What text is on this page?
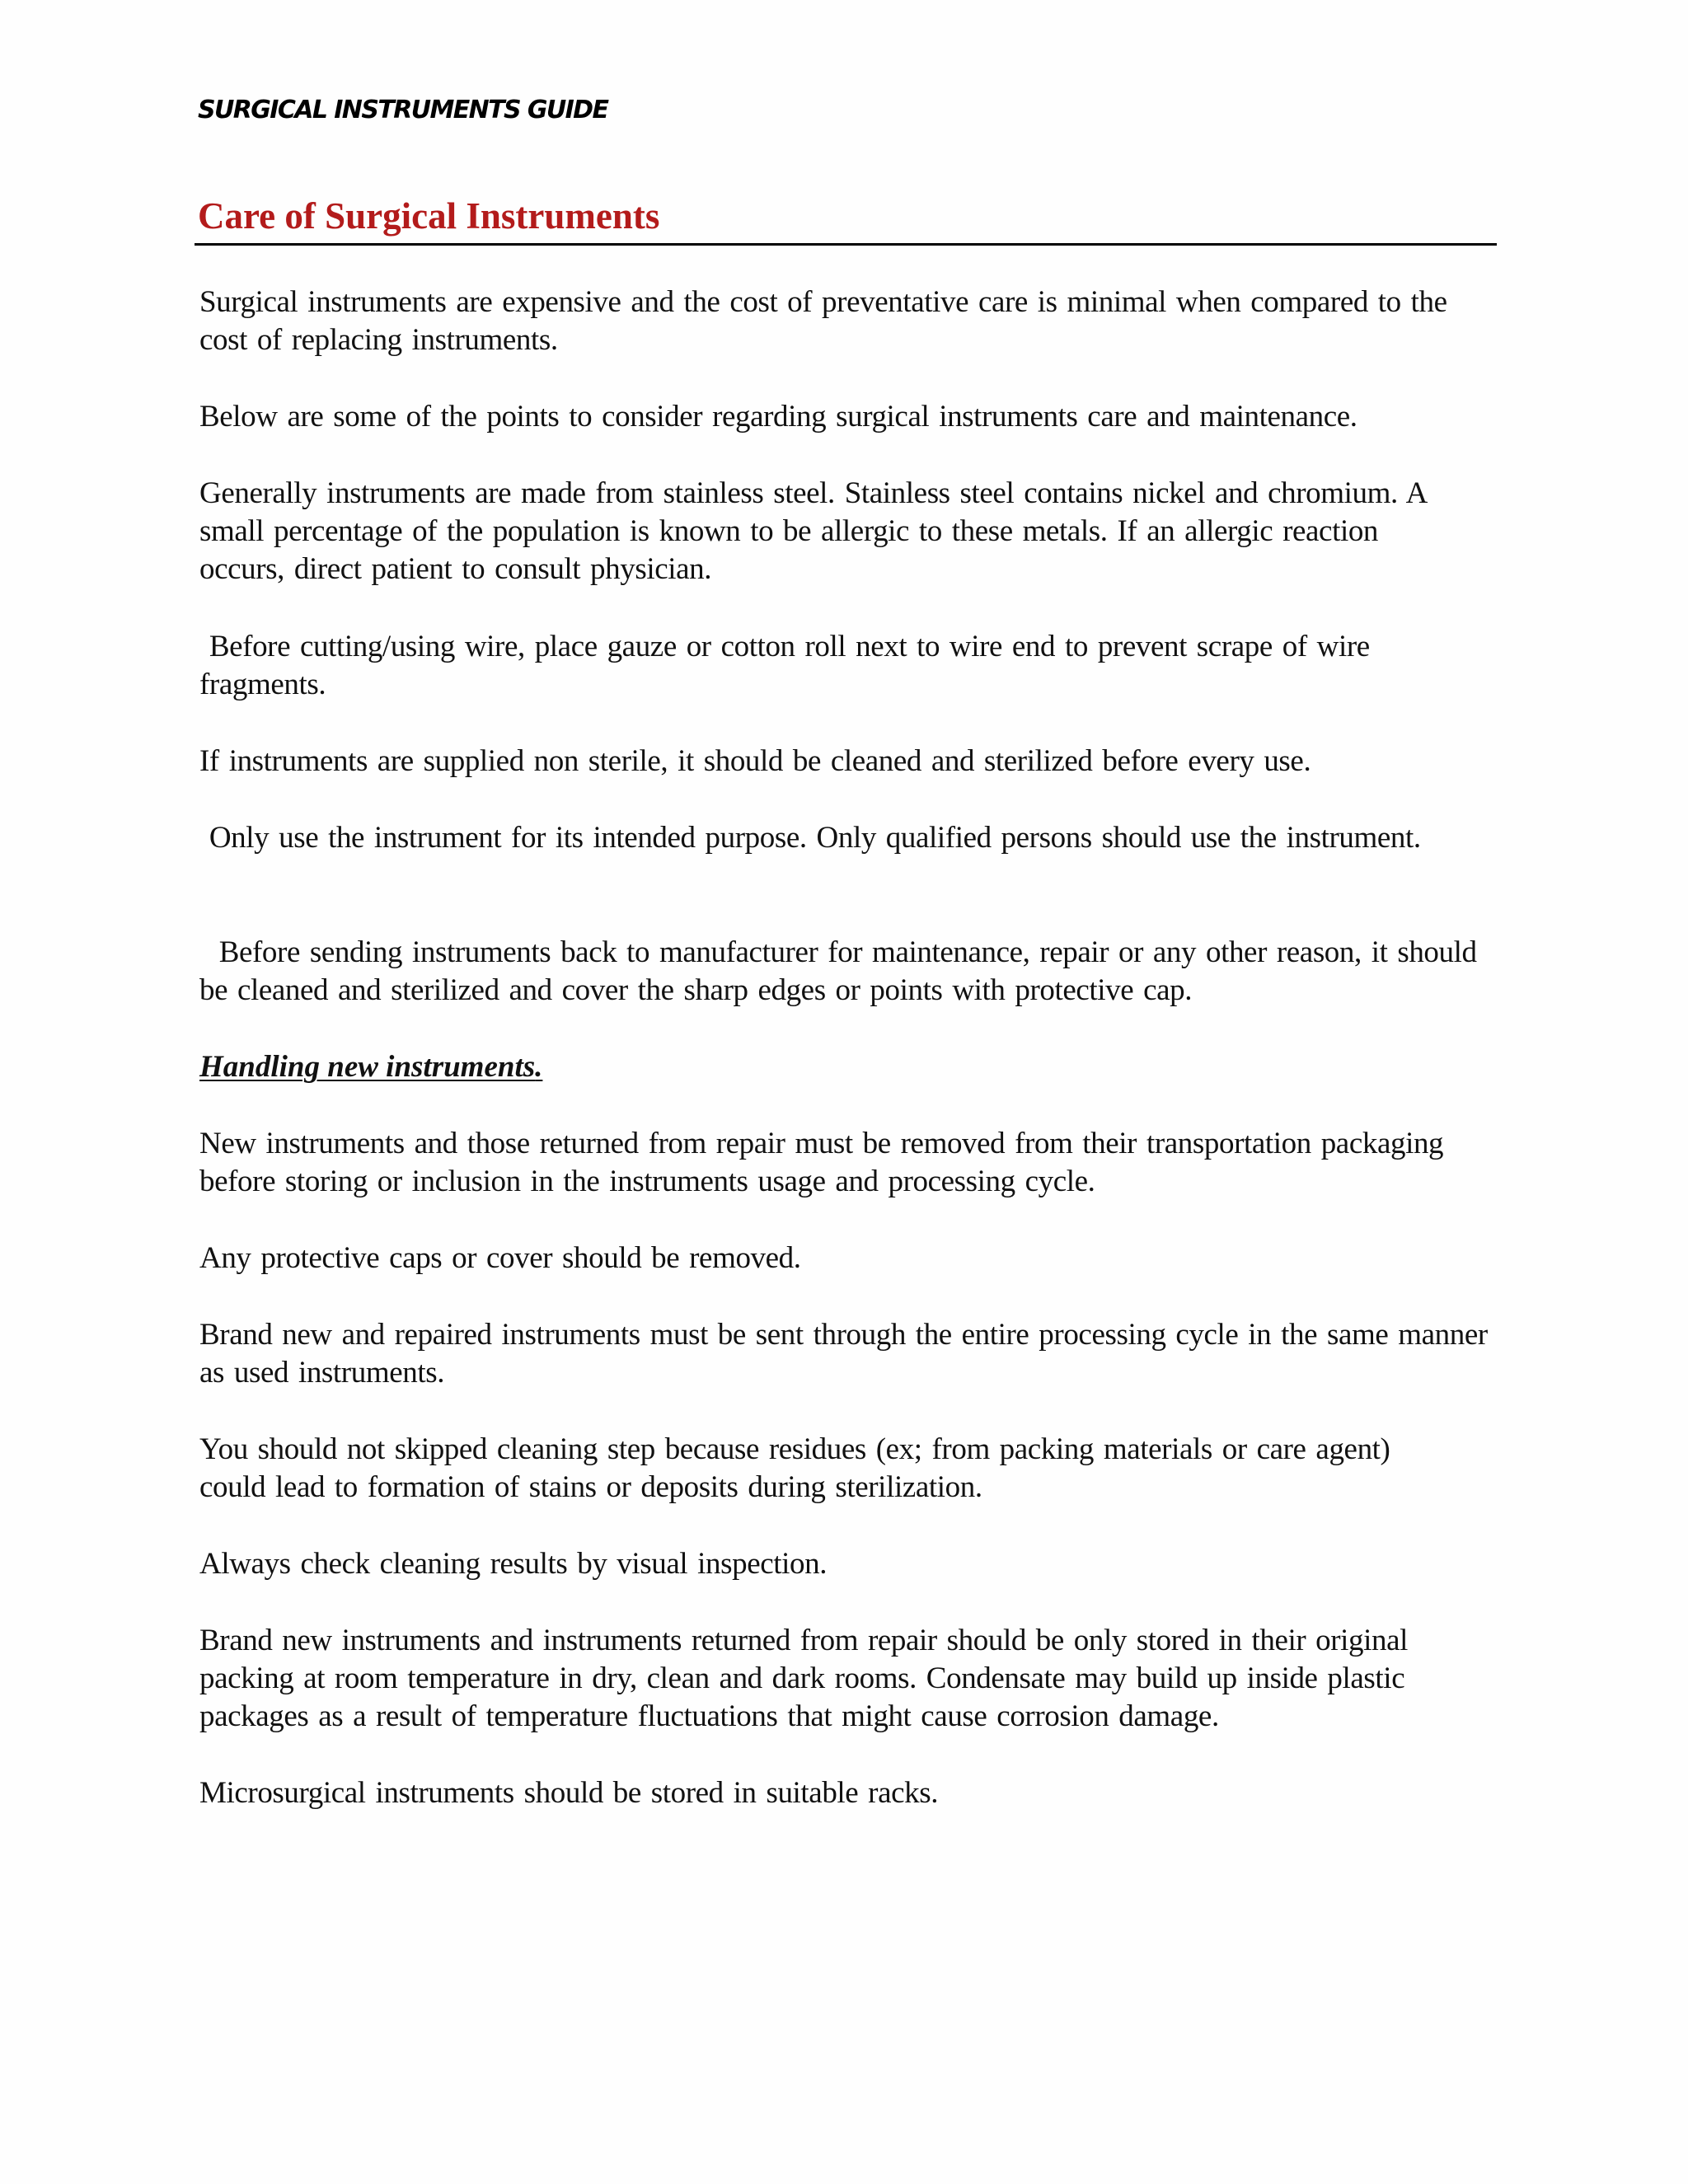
SURGICAL INSTRUMENTS GUIDE
Care of Surgical Instruments
Surgical instruments are expensive and the cost of preventative care is minimal when compared to the cost of replacing instruments.
Below are some of the points to consider regarding surgical instruments care and maintenance.
Generally instruments are made from stainless steel. Stainless steel contains nickel and chromium. A small percentage of the population is known to be allergic to these metals. If an allergic reaction occurs, direct patient to consult physician.
Before cutting/using wire, place gauze or cotton roll next to wire end to prevent scrape of wire fragments.
If instruments are supplied non sterile, it should be cleaned and sterilized before every use.
Only use the instrument for its intended purpose. Only qualified persons should use the instrument.
Before sending instruments back to manufacturer for maintenance, repair or any other reason, it should be cleaned and sterilized and cover the sharp edges or points with protective cap.
Handling new instruments.
New instruments and those returned from repair must be removed from their transportation packaging before storing or inclusion in the instruments usage and processing cycle.
Any protective caps or cover should be removed.
Brand new and repaired instruments must be sent through the entire processing cycle in the same manner as used instruments.
You should not skipped cleaning step because residues (ex; from packing materials or care agent) could lead to formation of stains or deposits during sterilization.
Always check cleaning results by visual inspection.
Brand new instruments and instruments returned from repair should be only stored in their original packing at room temperature in dry, clean and dark rooms. Condensate may build up inside plastic packages as a result of temperature fluctuations that might cause corrosion damage.
Microsurgical instruments should be stored in suitable racks.
